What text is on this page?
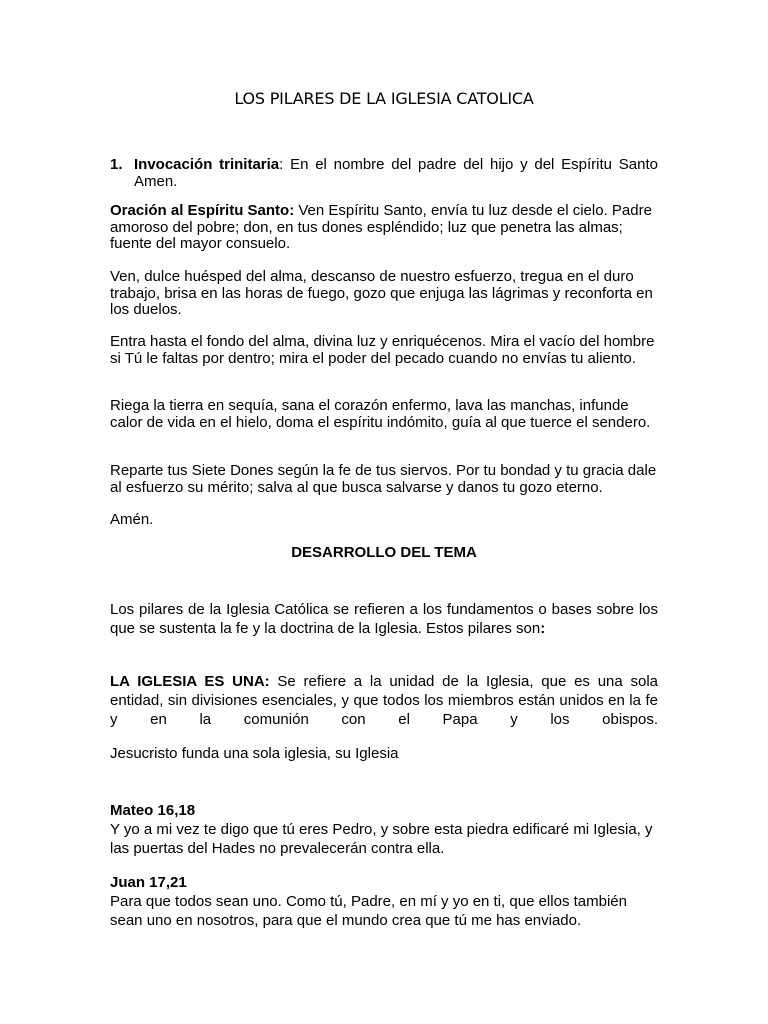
LOS PILARES DE LA IGLESIA CATOLICA
1. Invocación trinitaria: En el nombre del padre del hijo y del Espíritu Santo Amen.

Oración al Espíritu Santo: Ven Espíritu Santo, envía tu luz desde el cielo. Padre amoroso del pobre; don, en tus dones espléndido; luz que penetra las almas; fuente del mayor consuelo.

Ven, dulce huésped del alma, descanso de nuestro esfuerzo, tregua en el duro trabajo, brisa en las horas de fuego, gozo que enjuga las lágrimas y reconforta en los duelos.

Entra hasta el fondo del alma, divina luz y enriquécenos. Mira el vacío del hombre si Tú le faltas por dentro; mira el poder del pecado cuando no envías tu aliento.

Riega la tierra en sequía, sana el corazón enfermo, lava las manchas, infunde calor de vida en el hielo, doma el espíritu indómito, guía al que tuerce el sendero.

Reparte tus Siete Dones según la fe de tus siervos. Por tu bondad y tu gracia dale al esfuerzo su mérito; salva al que busca salvarse y danos tu gozo eterno.

Amén.

DESARROLLO DEL TEMA

Los pilares de la Iglesia Católica se refieren a los fundamentos o bases sobre los que se sustenta la fe y la doctrina de la Iglesia. Estos pilares son:

LA IGLESIA ES UNA: Se refiere a la unidad de la Iglesia, que es una sola entidad, sin divisiones esenciales, y que todos los miembros están unidos en la fe y en la comunión con el Papa y los obispos.

Jesucristo funda una sola iglesia, su Iglesia

Mateo 16,18
Y yo a mi vez te digo que tú eres Pedro, y sobre esta piedra edificaré mi Iglesia, y las puertas del Hades no prevalecerán contra ella.
Juan 17,21
Para que todos sean uno. Como tú, Padre, en mí y yo en ti, que ellos también sean uno en nosotros, para que el mundo crea que tú me has enviado.
